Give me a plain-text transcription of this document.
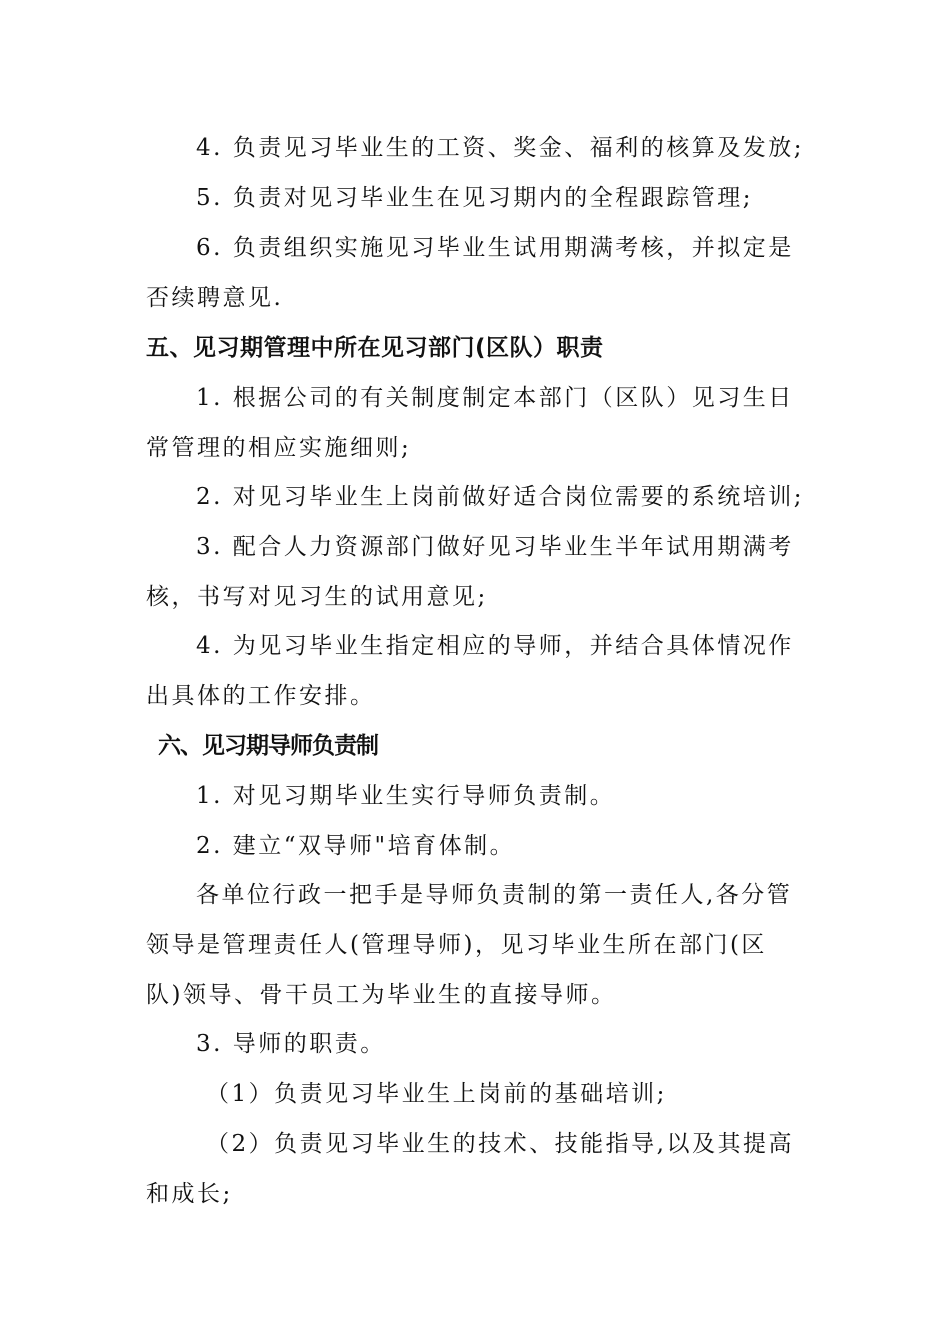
4. 负责见习毕业生的工资、奖金、福利的核算及发放;
5. 负责对见习毕业生在见习期内的全程跟踪管理;
6. 负责组织实施见习毕业生试用期满考核，并拟定是
否续聘意见.
五、见习期管理中所在见习部门(区队）职责
1. 根据公司的有关制度制定本部门（区队）见习生日
常管理的相应实施细则;
2. 对见习毕业生上岗前做好适合岗位需要的系统培训;
3. 配合人力资源部门做好见习毕业生半年试用期满考
核，书写对见习生的试用意见;
4. 为见习毕业生指定相应的导师，并结合具体情况作
出具体的工作安排。
六、见习期导师负责制
1. 对见习期毕业生实行导师负责制。
2. 建立“双导师"培育体制。
各单位行政一把手是导师负责制的第一责任人,各分管
领导是管理责任人(管理导师)，见习毕业生所在部门(区
队)领导、骨干员工为毕业生的直接导师。
3. 导师的职责。
（1）负责见习毕业生上岗前的基础培训;
（2）负责见习毕业生的技术、技能指导,以及其提高
和成长;
